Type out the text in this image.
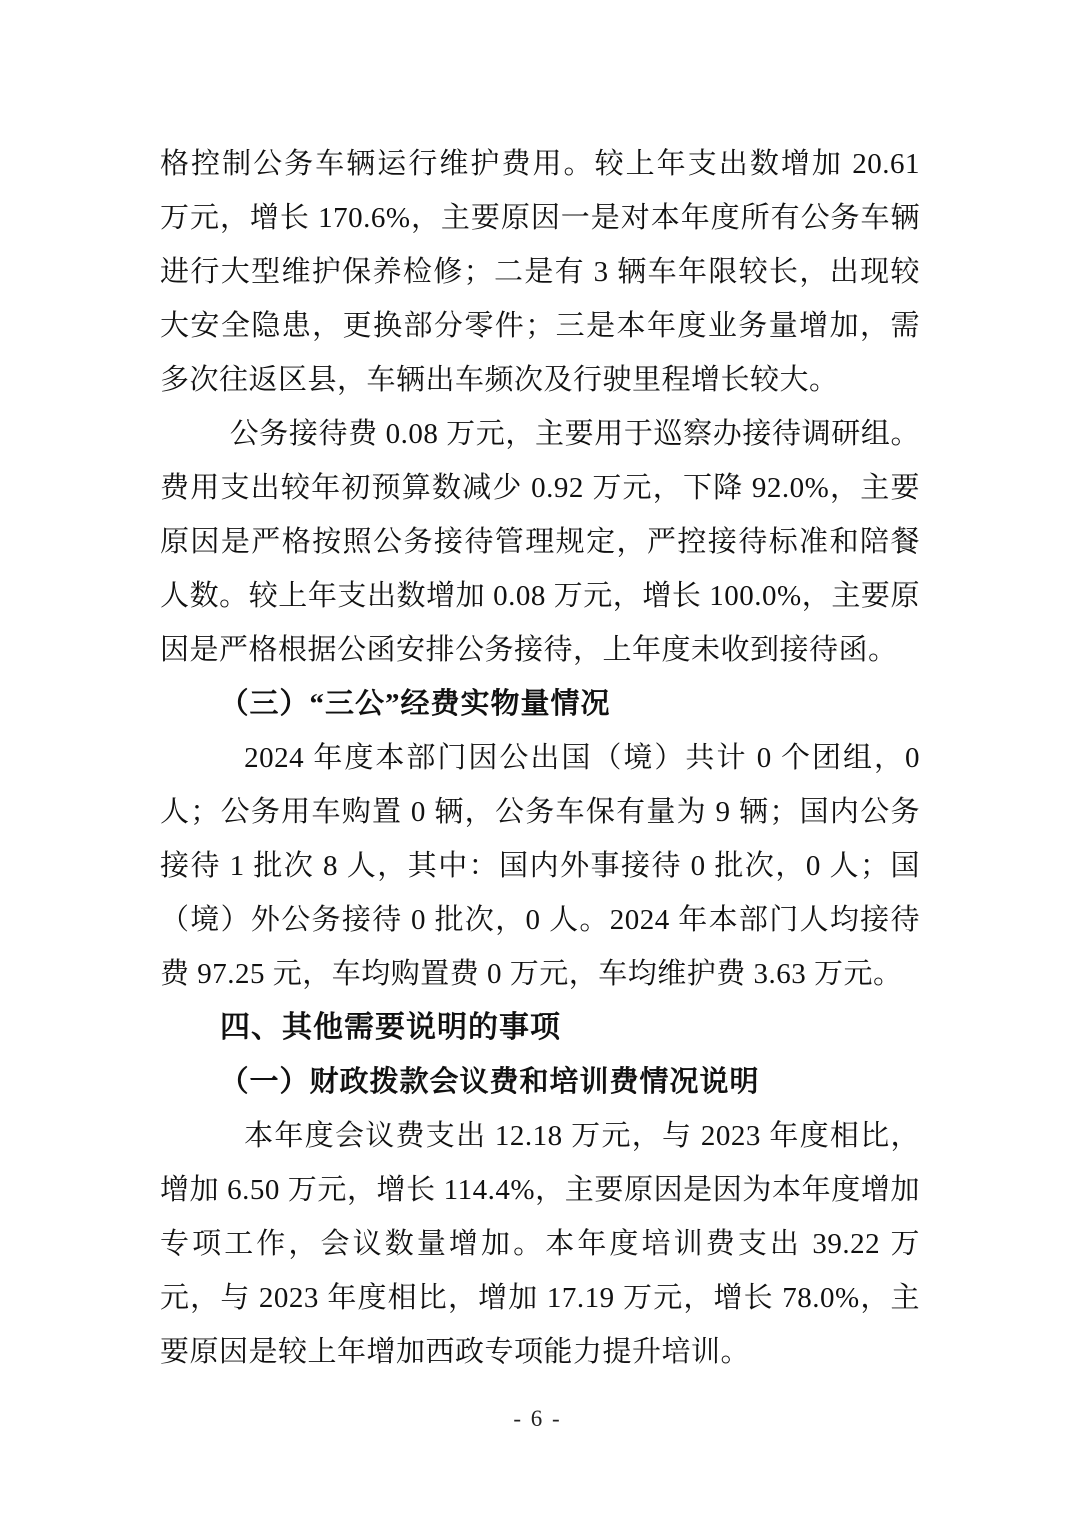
格控制公务车辆运行维护费用。较上年支出数增加 20.61 万元，增长 170.6%，主要原因一是对本年度所有公务车辆进行大型维护保养检修；二是有 3 辆车年限较长，出现较大安全隐患，更换部分零件；三是本年度业务量增加，需多次往返区县，车辆出车频次及行驶里程增长较大。

公务接待费 0.08 万元，主要用于巡察办接待调研组。费用支出较年初预算数减少 0.92 万元，下降 92.0%，主要原因是严格按照公务接待管理规定，严控接待标准和陪餐人数。较上年支出数增加 0.08 万元，增长 100.0%，主要原因是严格根据公函安排公务接待，上年度未收到接待函。

（三）“三公”经费实物量情况

2024 年度本部门因公出国（境）共计 0 个团组，0 人；公务用车购置 0 辆，公务车保有量为 9 辆；国内公务接待 1 批次 8 人，其中：国内外事接待 0 批次，0 人；国（境）外公务接待 0 批次，0 人。2024 年本部门人均接待费 97.25 元，车均购置费 0 万元，车均维护费 3.63 万元。

四、其他需要说明的事项
（一）财政拨款会议费和培训费情况说明

本年度会议费支出 12.18 万元，与 2023 年度相比，增加 6.50 万元，增长 114.4%，主要原因是因为本年度增加专项工作，会议数量增加。本年度培训费支出 39.22 万元，与 2023 年度相比，增加 17.19 万元，增长 78.0%，主要原因是较上年增加西政专项能力提升培训。

- 6 -
